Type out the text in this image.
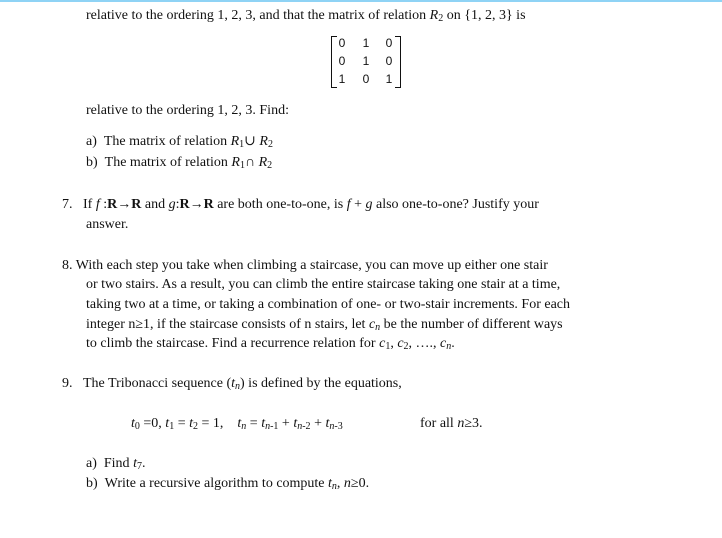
relative to the ordering 1, 2, 3, and that the matrix of relation $R_2$ on {1, 2, 3} is
0	1	0
0	1	0
1	0	1
relative to the ordering 1, 2, 3. Find:
a)  The matrix of relation $R_1\cup$ $R_2$
b)  The matrix of relation $R_1\cap$ $R_2$
7.   If f :R→R and g:R→R are both one-to-one, is f + g also one-to-one? Justify your
answer.
8. With each step you take when climbing a staircase, you can move up either one stair
or two stairs. As a result, you can climb the entire staircase taking one stair at a time,
taking two at a time, or taking a combination of one- or two-stair increments. For each
integer n≥1, if the staircase consists of n stairs, let $c_n$ be the number of different ways
to climb the staircase. Find a recurrence relation for $c_1$, $c_2$, …., $c_n$.
9.   The Tribonacci sequence $(t_n)$ is defined by the equations,
$t_0 =0$, $t_1 = t_2 = 1$,    $t_n = t_{n-1} + t_{n-2} + t_{n-3}$	for all n≥3.
a)  Find $t_7$.
b)  Write a recursive algorithm to compute $t_n$, n≥0.
